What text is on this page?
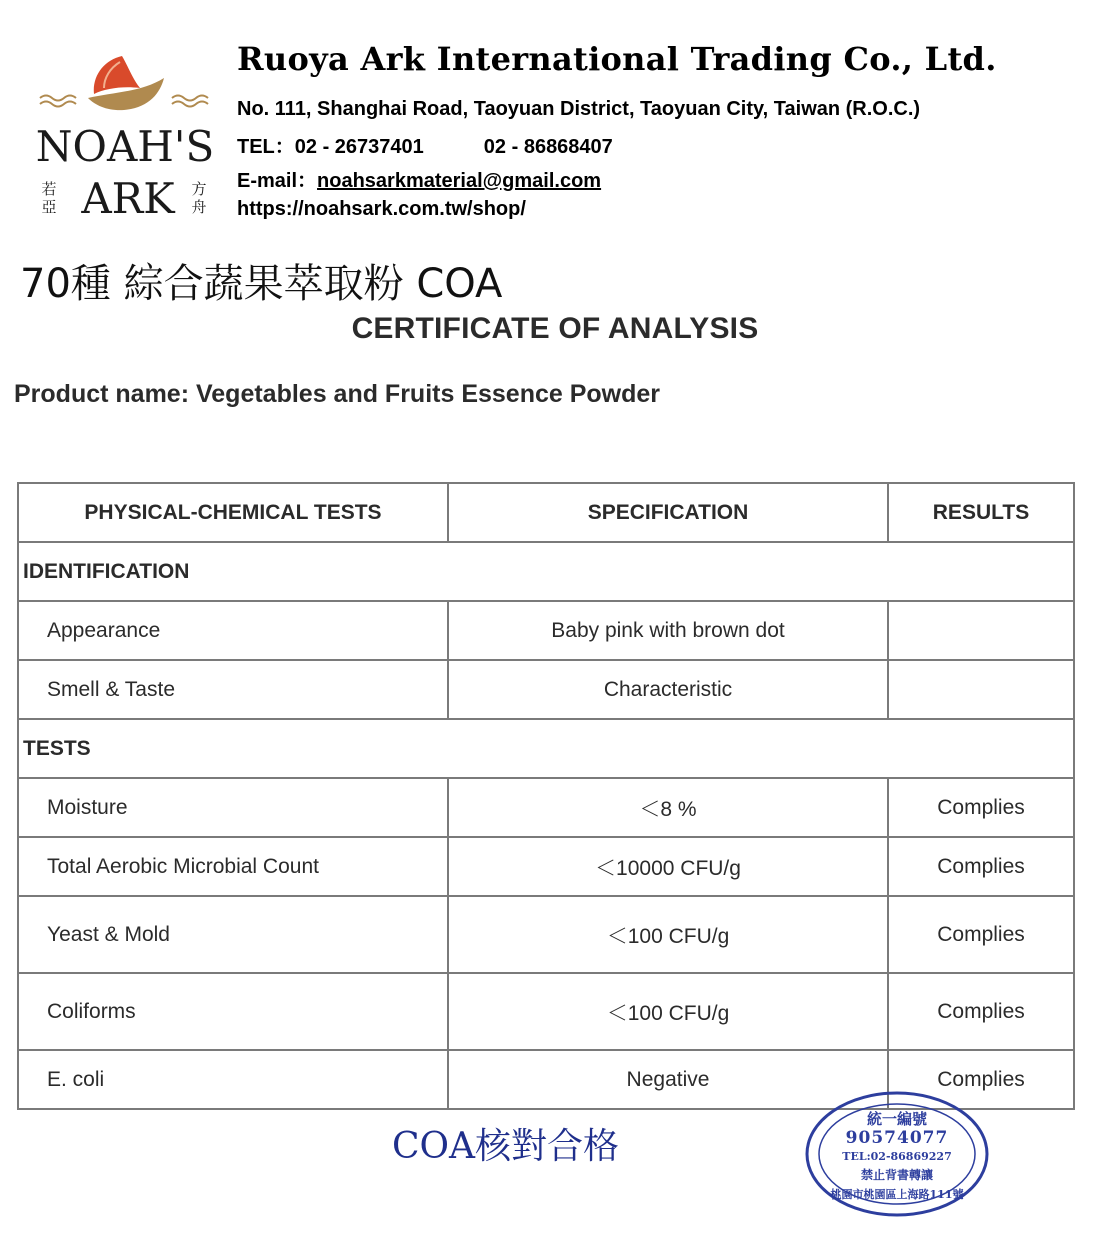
NOAH'S
ARK
若亞
方舟
Ruoya Ark International Trading Co., Ltd.
No. 111, Shanghai Road, Taoyuan District, Taoyuan City, Taiwan (R.O.C.)
TEL：02 - 26737401	02 - 86868407
E-mail：noahsarkmaterial@gmail.com
https://noahsark.com.tw/shop/
70種 綜合蔬果萃取粉 COA
CERTIFICATE OF ANALYSIS
Product name: Vegetables and Fruits Essence Powder
PHYSICAL-CHEMICAL TESTS	SPECIFICATION	RESULTS
IDENTIFICATION		
Appearance	Baby pink with brown dot	
Smell & Taste	Characteristic	
TESTS		
Moisture	＜8 %	Complies
Total Aerobic Microbial Count	＜10000 CFU/g	Complies
Yeast & Mold	＜100 CFU/g	Complies
Coliforms	＜100 CFU/g	Complies
E. coli	Negative	Complies
COA核對合格
統一編號
90574077
TEL:02-86869227
禁止背書轉讓
桃園市桃園區上海路111號
